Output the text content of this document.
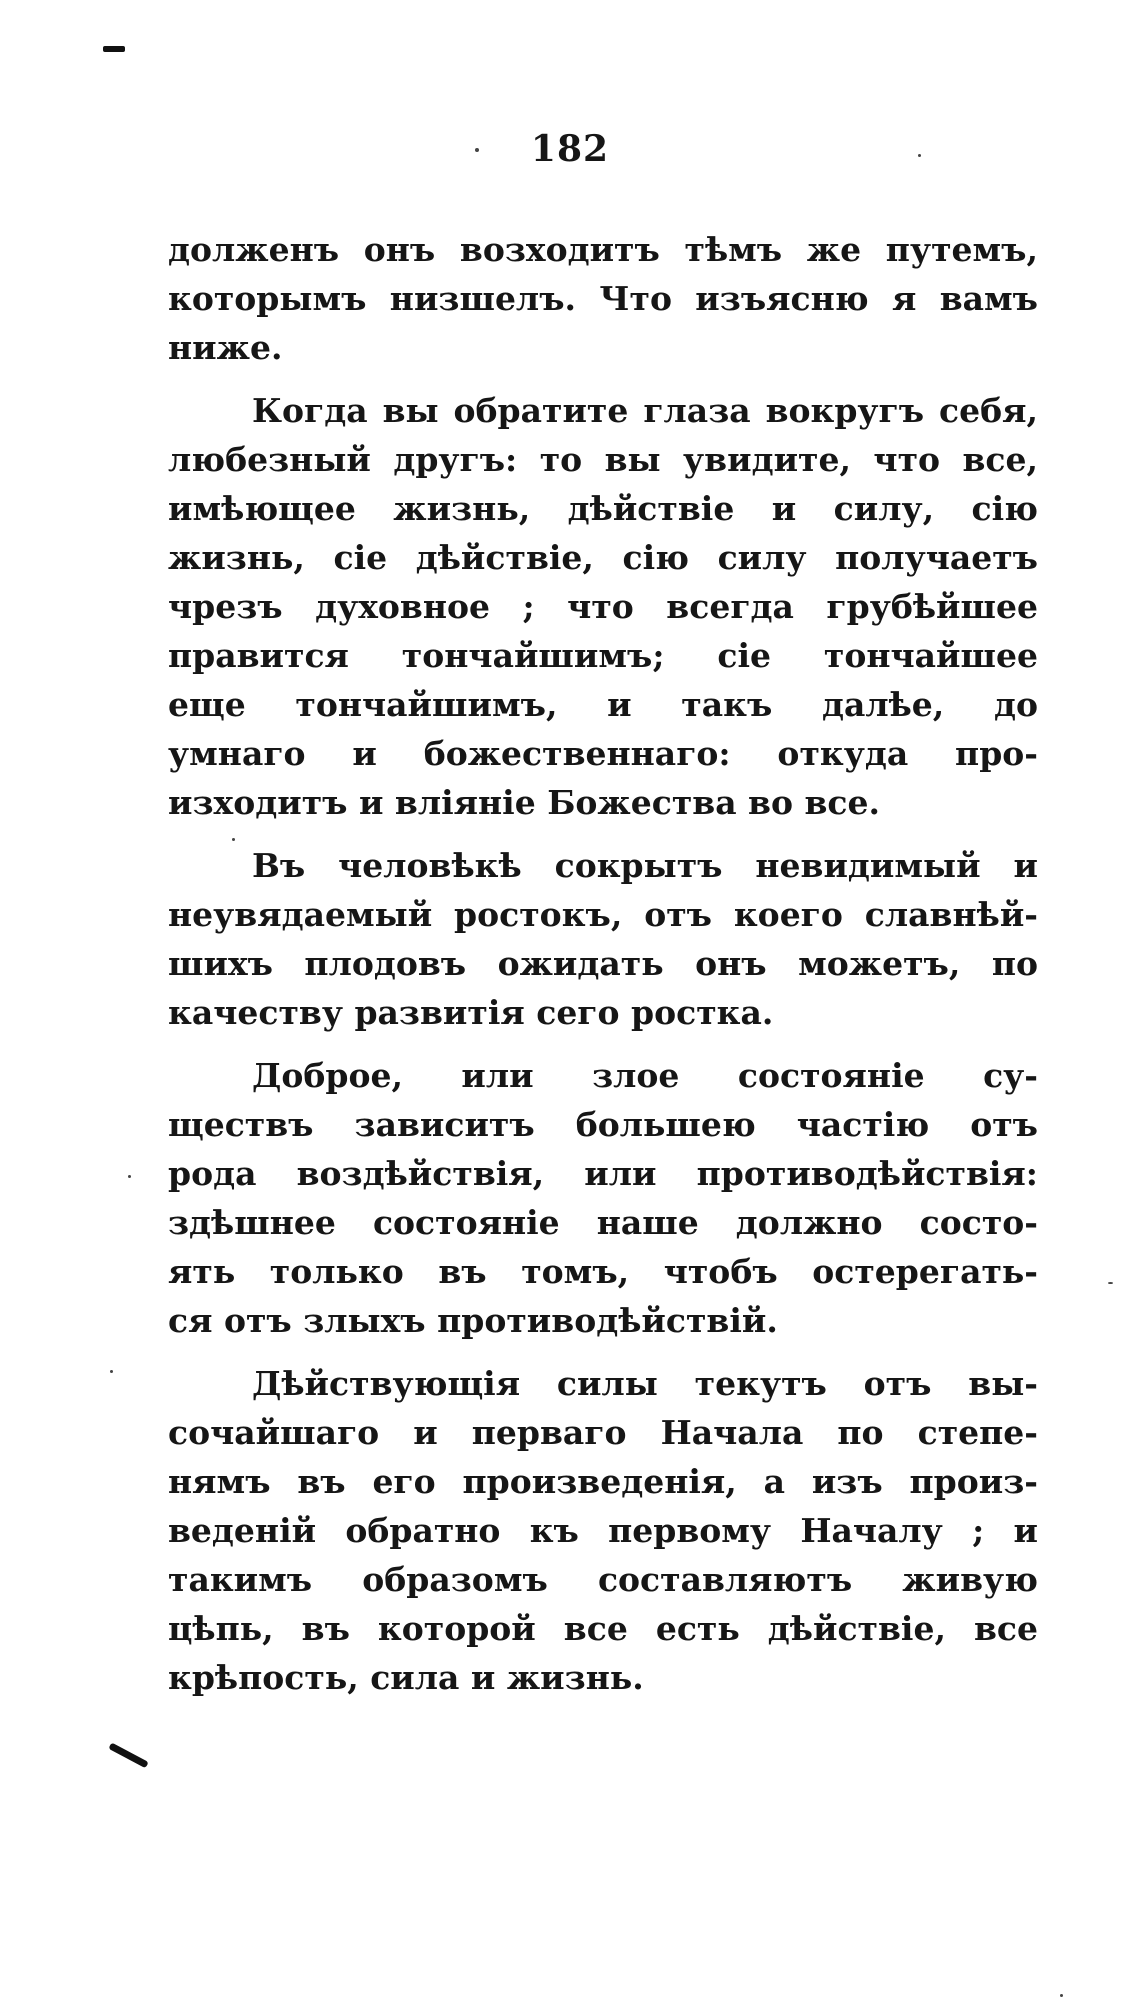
182
долженъ онъ возходитъ тѣмъ же путемъ,
которымъ низшелъ. Что изъясню я вамъ
ниже.
Когда вы обратите глаза вокругъ себя,
любезный другъ: то вы увидите, что все,
имѣющее жизнь, дѣйствіе и силу, сію
жизнь, сіе дѣйствіе, сію силу получаетъ
чрезъ духовное ; что всегда грубѣйшее
правится тончайшимъ; сіе тончайшее
еще тончайшимъ, и такъ далѣе, до
умнаго и божественнаго: откуда про-
изходитъ и вліяніе Божества во все.
Въ человѣкѣ сокрытъ невидимый и
неувядаемый ростокъ, отъ коего славнѣй-
шихъ плодовъ ожидать онъ можетъ, по
качеству развитія сего ростка.
Доброе, или злое состояніе су-
ществъ зависитъ большею частію отъ
рода воздѣйствія, или противодѣйствія:
здѣшнее состояніе наше должно состо-
ять только въ томъ, чтобъ остерегать-
ся отъ злыхъ противодѣйствій.
Дѣйствующія силы текутъ отъ вы-
сочайшаго и перваго Начала по степе-
нямъ въ его произведенія, а изъ произ-
веденій обратно къ первому Началу ; и
такимъ образомъ составляютъ живую
цѣпь, въ которой все есть дѣйствіе, все
крѣпость, сила и жизнь.
